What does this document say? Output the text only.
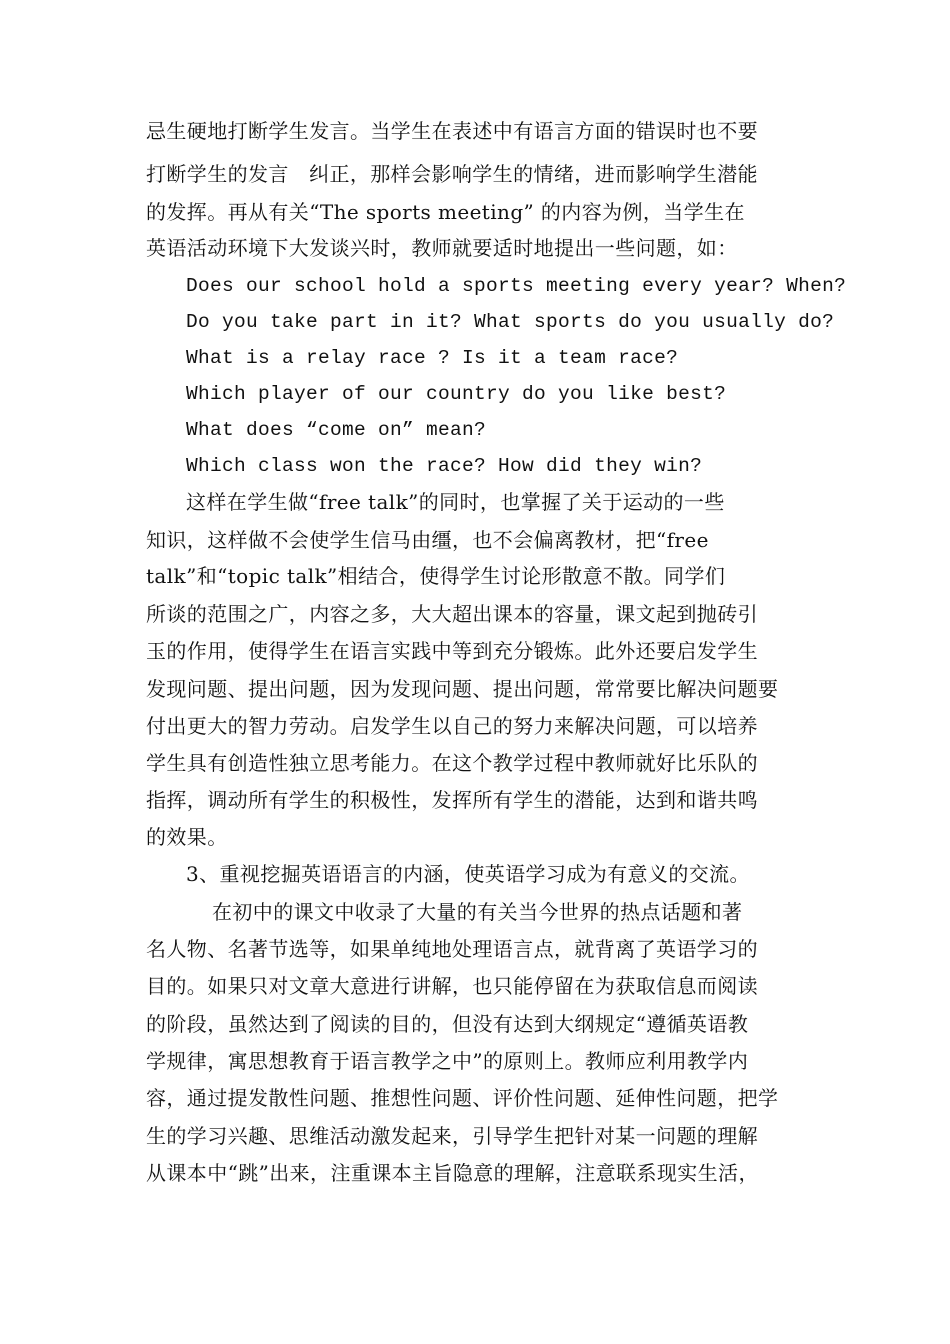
忌生硬地打断学生发言。当学生在表述中有语言方面的错误时也不要
打断学生的发言   纠正，那样会影响学生的情绪，进而影响学生潜能
的发挥。再从有关“The sports meeting” 的内容为例，当学生在
英语活动环境下大发谈兴时，教师就要适时地提出一些问题，如：
Does our school hold a sports meeting every year? When?
Do you take part in it? What sports do you usually do?
What is a relay race ? Is it a team race?
Which player of our country do you like best?
What does “come on” mean?
Which class won the race? How did they win?
这样在学生做“free talk”的同时，也掌握了关于运动的一些
知识，这样做不会使学生信马由缰，也不会偏离教材，把“free
talk”和“topic talk”相结合，使得学生讨论形散意不散。同学们
所谈的范围之广，内容之多，大大超出课本的容量，课文起到抛砖引
玉的作用，使得学生在语言实践中等到充分锻炼。此外还要启发学生
发现问题、提出问题，因为发现问题、提出问题，常常要比解决问题要
付出更大的智力劳动。启发学生以自己的努力来解决问题，可以培养
学生具有创造性独立思考能力。在这个教学过程中教师就好比乐队的
指挥，调动所有学生的积极性，发挥所有学生的潜能，达到和谐共鸣
的效果。
3、重视挖掘英语语言的内涵，使英语学习成为有意义的交流。
在初中的课文中收录了大量的有关当今世界的热点话题和著
名人物、名著节选等，如果单纯地处理语言点，就背离了英语学习的
目的。如果只对文章大意进行讲解，也只能停留在为获取信息而阅读
的阶段，虽然达到了阅读的目的，但没有达到大纲规定“遵循英语教
学规律，寓思想教育于语言教学之中”的原则上。教师应利用教学内
容，通过提发散性问题、推想性问题、评价性问题、延伸性问题，把学
生的学习兴趣、思维活动激发起来，引导学生把针对某一问题的理解
从课本中“跳”出来，注重课本主旨隐意的理解，注意联系现实生活，
